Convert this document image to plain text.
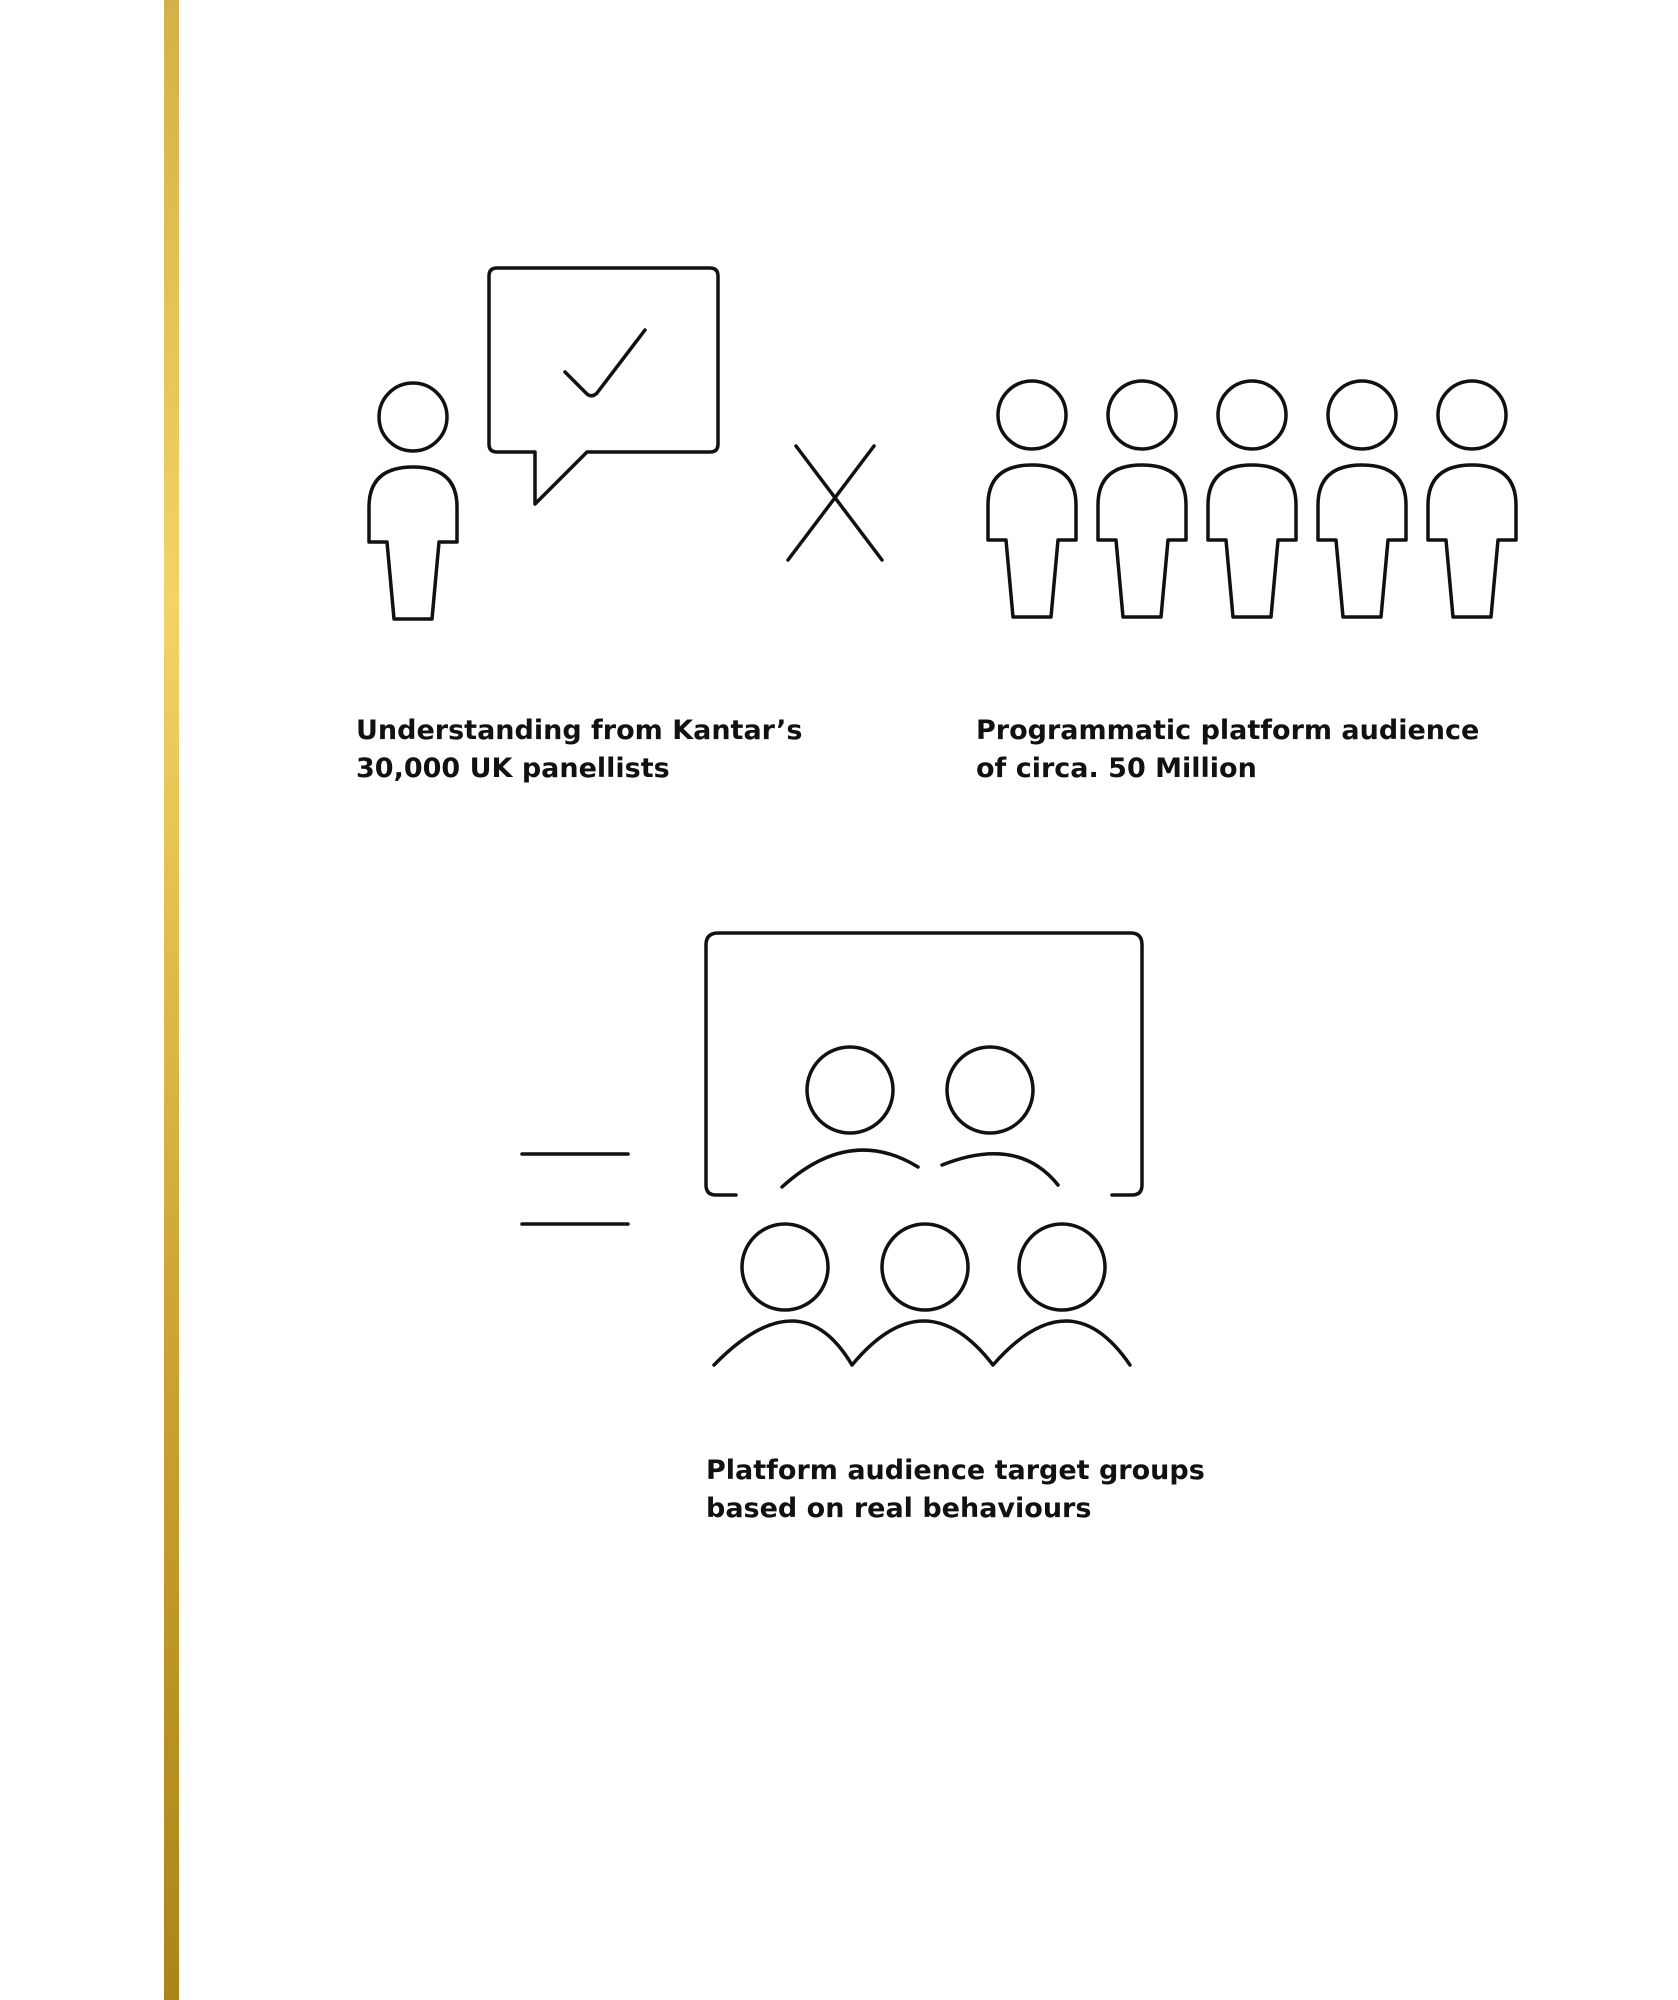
Understanding from Kantar’s
30,000 UK panellists

Programmatic platform audience
of circa. 50 Million

Platform audience target groups
based on real behaviours
